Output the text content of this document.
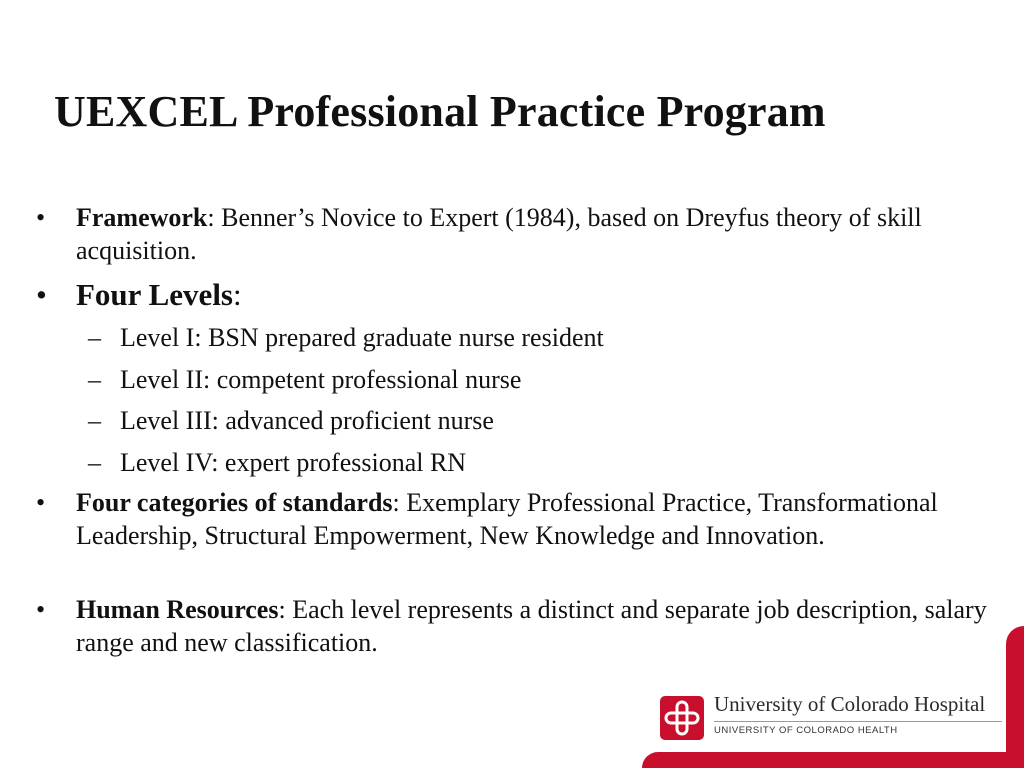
UEXCEL Professional Practice Program

•	Framework: Benner’s Novice to Expert (1984), based on Dreyfus theory of skill acquisition.

• Four Levels:

– Level I: BSN prepared graduate nurse resident

– Level II: competent professional nurse

– Level III: advanced proficient nurse

– Level IV: expert professional RN

•	Four categories of standards: Exemplary Professional Practice, Transformational Leadership, Structural Empowerment, New Knowledge and Innovation.

•	Human Resources: Each level represents a distinct and separate job description, salary range and new classification.

University of Colorado Hospital
UNIVERSITY OF COLORADO HEALTH
